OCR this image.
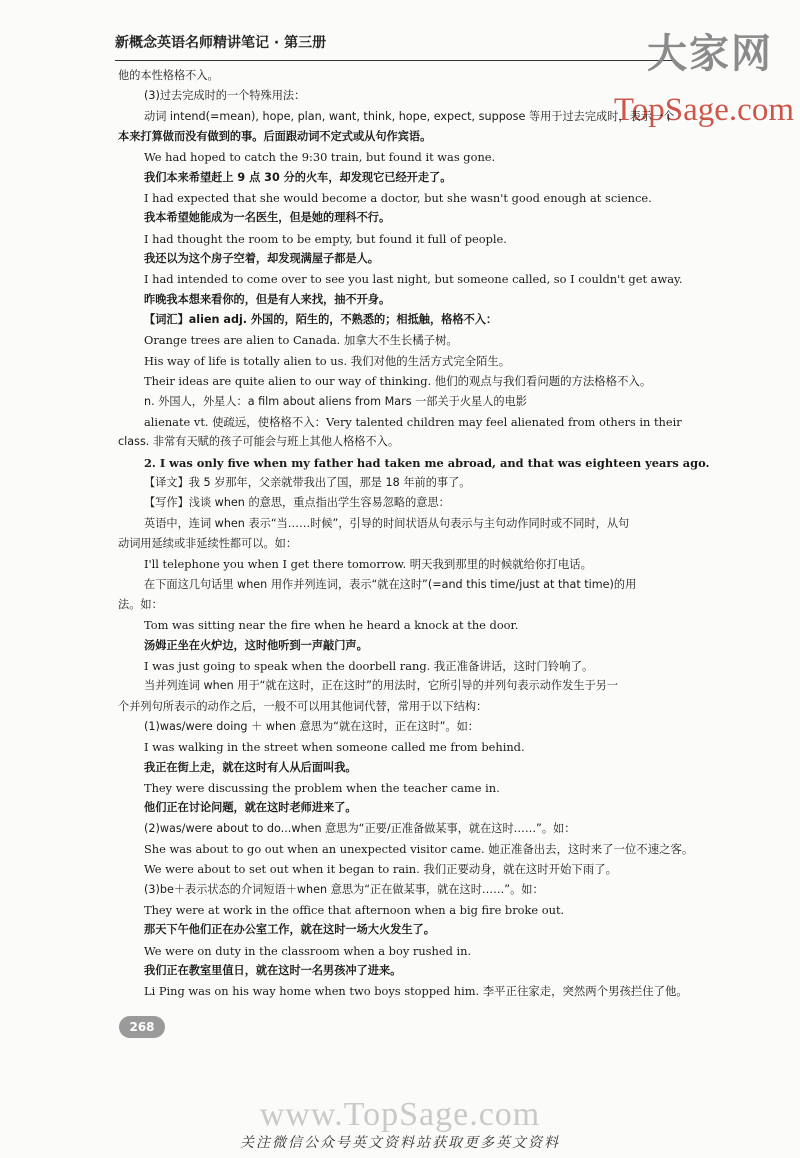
新概念英语名师精讲笔记 · 第三册	大家网
TopSage.com

他的本性格格不入。

(3)过去完成时的一个特殊用法：

动词 intend(=mean), hope, plan, want, think, hope, expect, suppose 等用于过去完成时，表示一个

本来打算做而没有做到的事。后面跟动词不定式或从句作宾语。

We had hoped to catch the 9:30 train, but found it was gone.

我们本来希望赶上 9 点 30 分的火车，却发现它已经开走了。

I had expected that she would become a doctor, but she wasn't good enough at science.

我本希望她能成为一名医生，但是她的理科不行。

I had thought the room to be empty, but found it full of people.

我还以为这个房子空着，却发现满屋子都是人。

I had intended to come over to see you last night, but someone called, so I couldn't get away.

昨晚我本想来看你的，但是有人来找，抽不开身。

【词汇】alien adj. 外国的，陌生的，不熟悉的；相抵触，格格不入：

Orange trees are alien to Canada. 加拿大不生长橘子树。

His way of life is totally alien to us. 我们对他的生活方式完全陌生。

Their ideas are quite alien to our way of thinking. 他们的观点与我们看问题的方法格格不入。

n. 外国人，外星人：a film about aliens from Mars 一部关于火星人的电影

alienate vt. 使疏远，使格格不入：Very talented children may feel alienated from others in their

class. 非常有天赋的孩子可能会与班上其他人格格不入。

2. I was only five when my father had taken me abroad, and that was eighteen years ago.

【译文】我 5 岁那年，父亲就带我出了国，那是 18 年前的事了。

【写作】浅谈 when 的意思，重点指出学生容易忽略的意思：

英语中，连词 when 表示“当……时候”，引导的时间状语从句表示与主句动作同时或不同时，从句

动词用延续或非延续性都可以。如：

I'll telephone you when I get there tomorrow. 明天我到那里的时候就给你打电话。

在下面这几句话里 when 用作并列连词，表示“就在这时”(=and this time/just at that time)的用

法。如：

Tom was sitting near the fire when he heard a knock at the door.

汤姆正坐在火炉边，这时他听到一声敲门声。

I was just going to speak when the doorbell rang. 我正准备讲话，这时门铃响了。

当并列连词 when 用于“就在这时，正在这时”的用法时，它所引导的并列句表示动作发生于另一

个并列句所表示的动作之后，一般不可以用其他词代替，常用于以下结构：

(1)was/were doing ＋ when 意思为“就在这时，正在这时”。如：

I was walking in the street when someone called me from behind.

我正在街上走，就在这时有人从后面叫我。

They were discussing the problem when the teacher came in.

他们正在讨论问题，就在这时老师进来了。

(2)was/were about to do...when 意思为“正要/正准备做某事，就在这时……”。如：

She was about to go out when an unexpected visitor came. 她正准备出去，这时来了一位不速之客。

We were about to set out when it began to rain. 我们正要动身，就在这时开始下雨了。

(3)be＋表示状态的介词短语＋when 意思为“正在做某事，就在这时……”。如：

They were at work in the office that afternoon when a big fire broke out.

那天下午他们正在办公室工作，就在这时一场大火发生了。

We were on duty in the classroom when a boy rushed in.

我们正在教室里值日，就在这时一名男孩冲了进来。

Li Ping was on his way home when two boys stopped him. 李平正往家走，突然两个男孩拦住了他。

268
www.TopSage.com
关注微信公众号英文资料站获取更多英文资料
